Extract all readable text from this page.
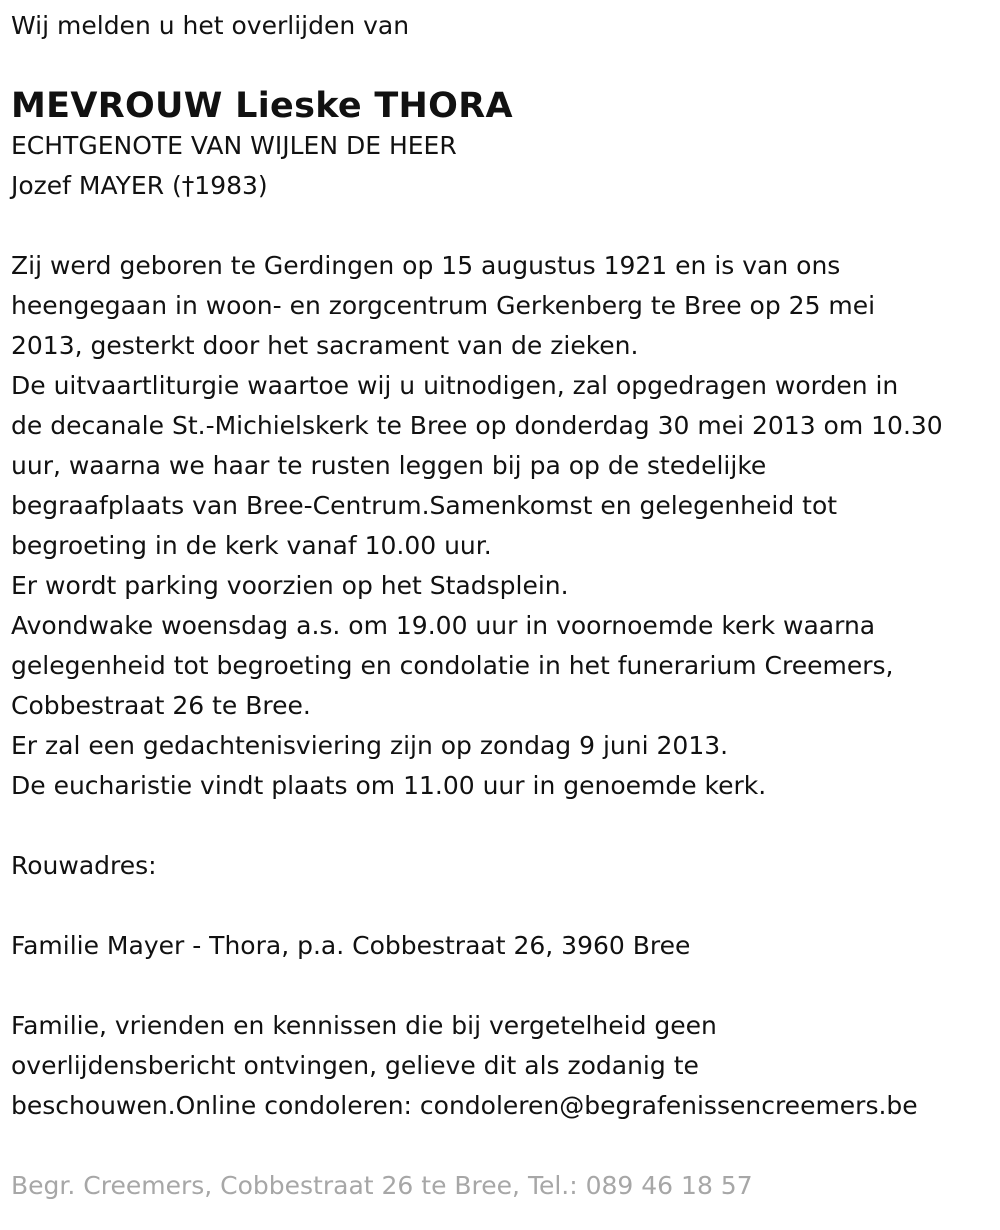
Wij melden u het overlijden van
MEVROUW Lieske THORA
ECHTGENOTE VAN WIJLEN DE HEER
Jozef MAYER (†1983)
Zij werd geboren te Gerdingen op 15 augustus 1921 en is van ons
heengegaan in woon- en zorgcentrum Gerkenberg te Bree op 25 mei
2013, gesterkt door het sacrament van de zieken.
De uitvaartliturgie waartoe wij u uitnodigen, zal opgedragen worden in
de decanale St.-Michielskerk te Bree op donderdag 30 mei 2013 om 10.30
uur, waarna we haar te rusten leggen bij pa op de stedelijke
begraafplaats van Bree-Centrum.Samenkomst en gelegenheid tot
begroeting in de kerk vanaf 10.00 uur.
Er wordt parking voorzien op het Stadsplein.
Avondwake woensdag a.s. om 19.00 uur in voornoemde kerk waarna
gelegenheid tot begroeting en condolatie in het funerarium Creemers,
Cobbestraat 26 te Bree.
Er zal een gedachtenisviering zijn op zondag 9 juni 2013.
De eucharistie vindt plaats om 11.00 uur in genoemde kerk.
Rouwadres:
Familie Mayer - Thora, p.a. Cobbestraat 26, 3960 Bree
Familie, vrienden en kennissen die bij vergetelheid geen
overlijdensbericht ontvingen, gelieve dit als zodanig te
beschouwen.Online condoleren: condoleren@begrafenissencreemers.be
Begr. Creemers, Cobbestraat 26 te Bree, Tel.: 089 46 18 57
